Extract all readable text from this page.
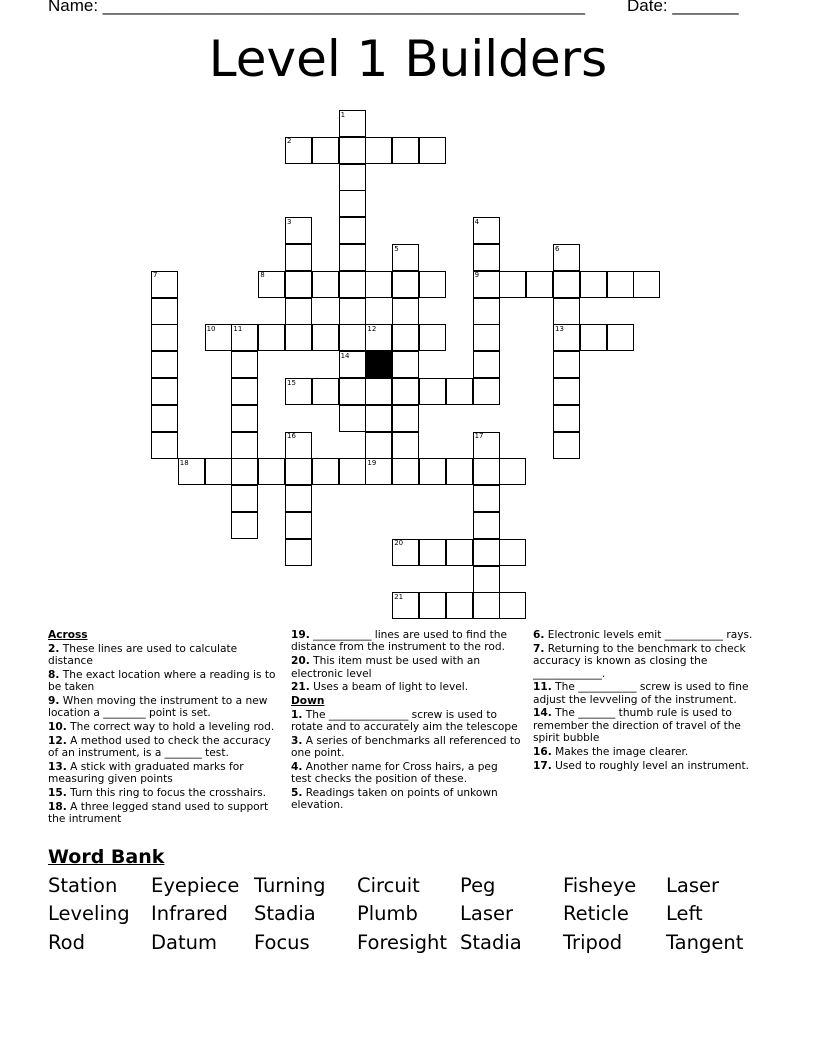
Name: ___________________________________________________ Date: _______
Level 1 Builders
1
2
3	4
5	6
7	8	9
10	11	12	13
14
15
16	17
18	19
20
21
Across
2. These lines are used to calculate distance
8. The exact location where a reading is to be taken
9. When moving the instrument to a new location a ________ point is set.
10. The correct way to hold a leveling rod.
12. A method used to check the accuracy of an instrument, is a _______ test.
13. A stick with graduated marks for measuring given points
15. Turn this ring to focus the crosshairs.
18. A three legged stand used to support the intrument
19. ___________ lines are used to find the distance from the instrument to the rod.
20. This item must be used with an electronic level
21. Uses a beam of light to level.
Down
1. The _______________ screw is used to rotate and to accurately aim the telescope
3. A series of benchmarks all referenced to one point.
4. Another name for Cross hairs, a peg test checks the position of these.
5. Readings taken on points of unkown elevation.
6. Electronic levels emit ___________ rays.
7. Returning to the benchmark to check accuracy is known as closing the _____________.
11. The ___________ screw is used to fine adjust the levveling of the instrument.
14. The _______ thumb rule is used to remember the direction of travel of the spirit bubble
16. Makes the image clearer.
17. Used to roughly level an instrument.
Word Bank
Station Eyepiece Turning Circuit Peg	Fisheye Laser
Leveling Infrared Stadia Plumb Laser	Reticle Left
Rod	Datum Focus Foresight Stadia Tripod Tangent
